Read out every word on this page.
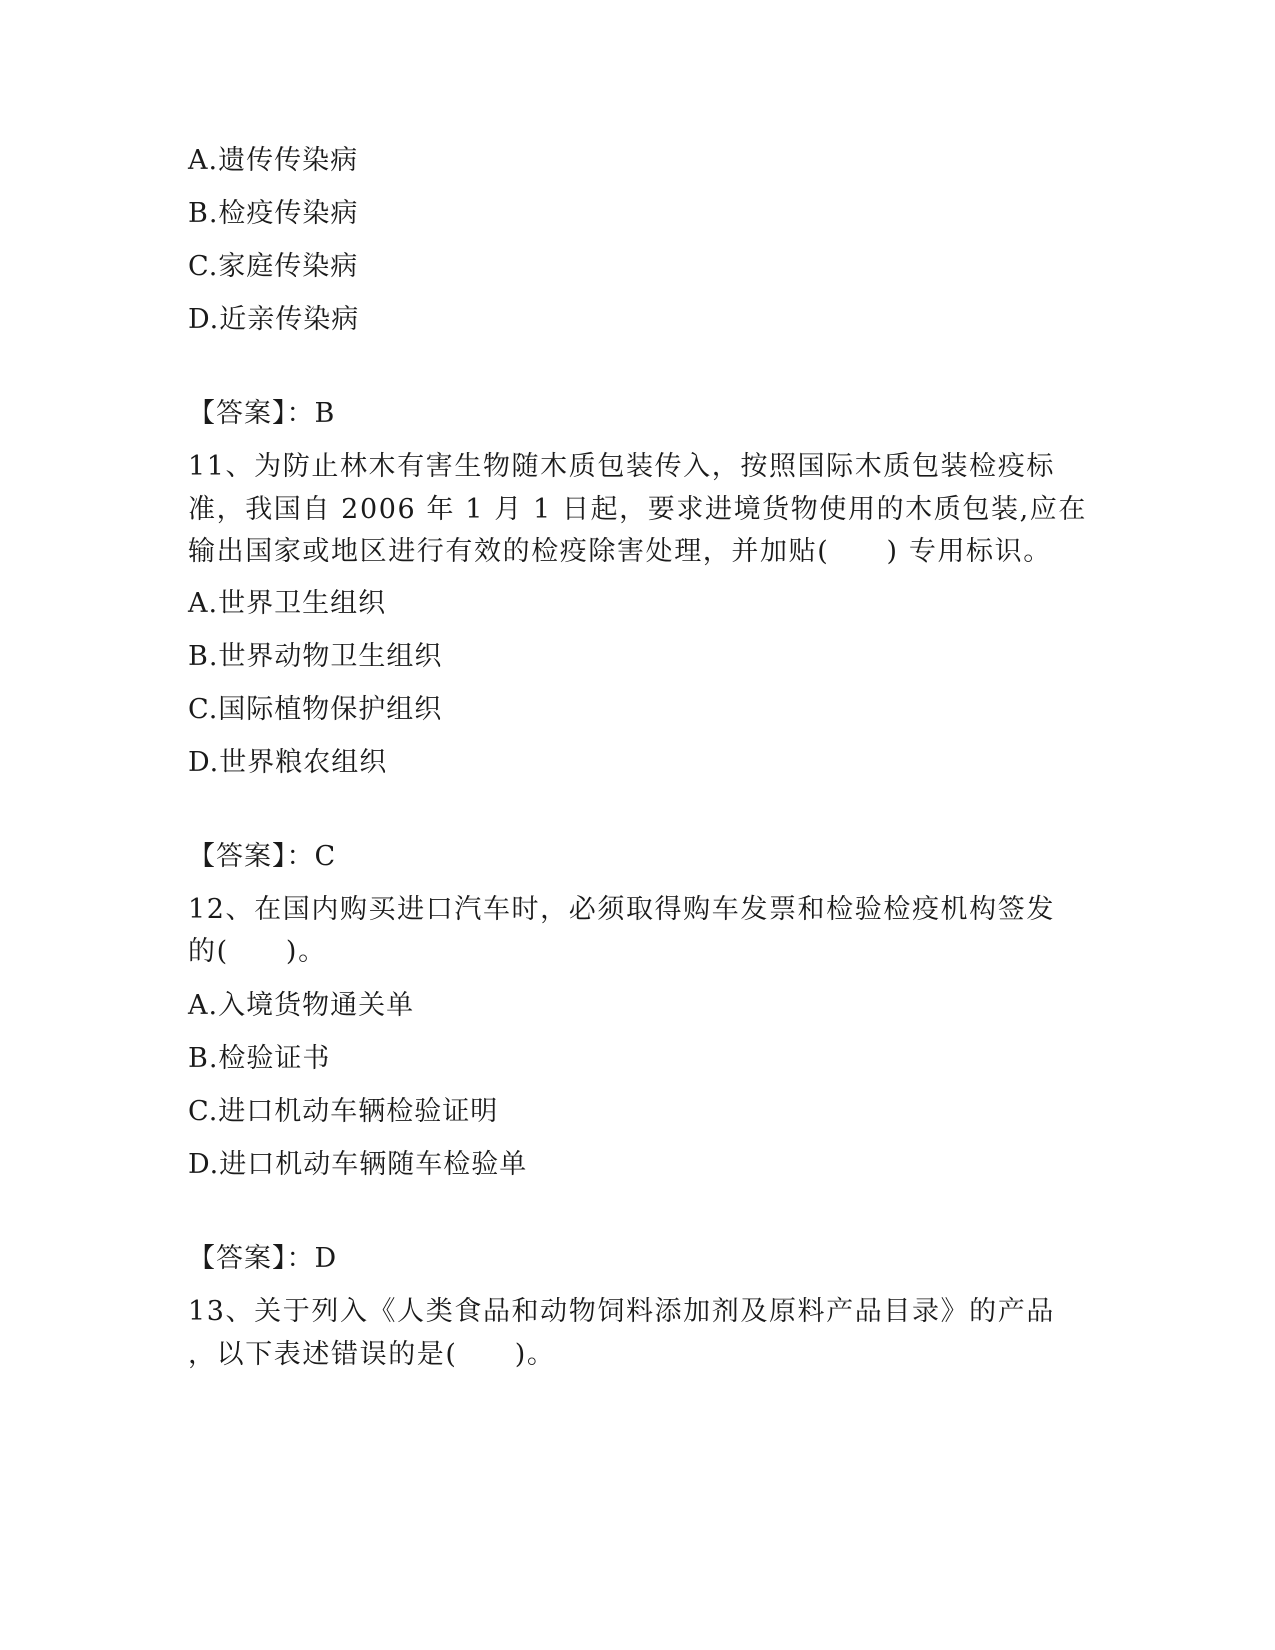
A.遗传传染病
B.检疫传染病
C.家庭传染病
D.近亲传染病
【答案】：B
11、为防止林木有害生物随木质包装传入，按照国际木质包装检疫标
准，我国自 2006 年 1 月 1 日起，要求进境货物使用的木质包装,应在
输出国家或地区进行有效的检疫除害处理，并加贴(　　) 专用标识。
A.世界卫生组织
B.世界动物卫生组织
C.国际植物保护组织
D.世界粮农组织
【答案】：C
12、在国内购买进口汽车时，必须取得购车发票和检验检疫机构签发
的(　　)。
A.入境货物通关单
B.检验证书
C.进口机动车辆检验证明
D.进口机动车辆随车检验单
【答案】：D
13、关于列入《人类食品和动物饲料添加剂及原料产品目录》的产品
，以下表述错误的是(　　)。
